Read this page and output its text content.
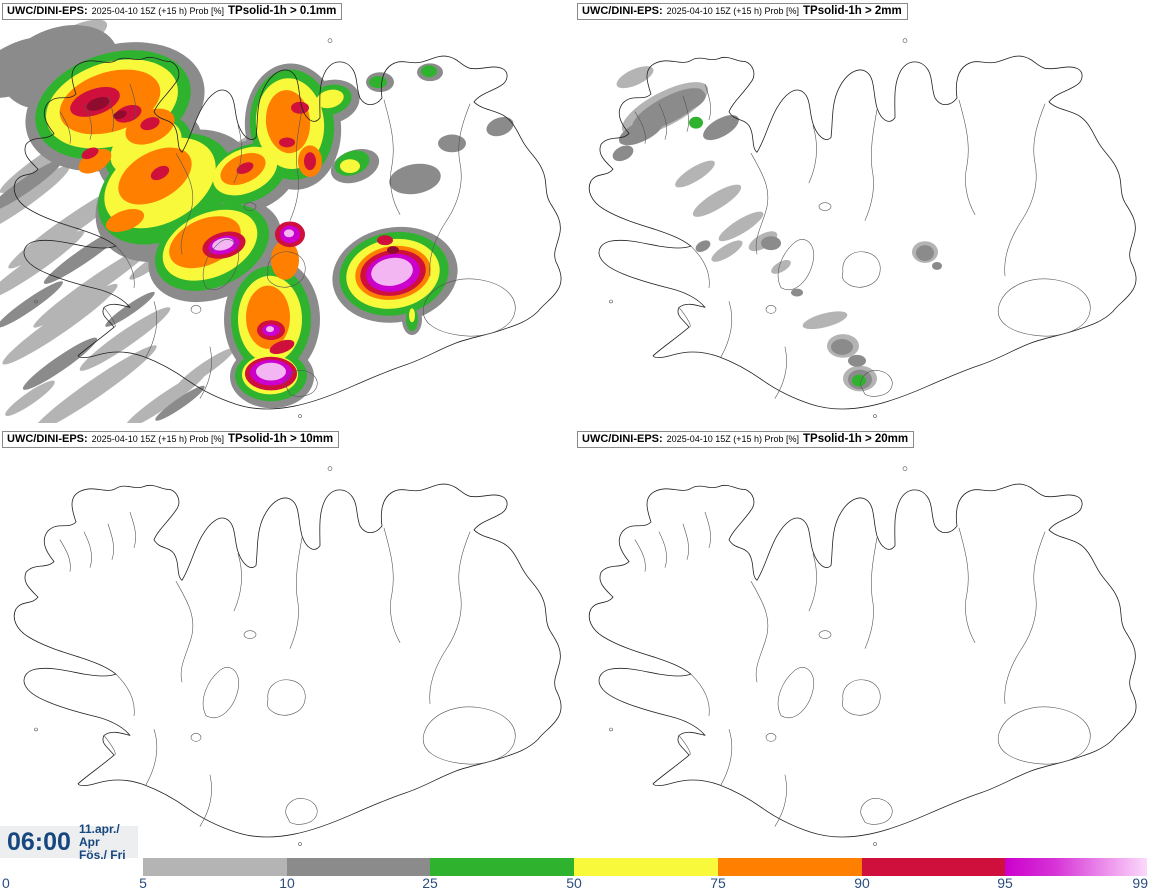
UWC/DINI-EPS: 2025-04-10 15Z (+15 h) Prob [%] TPsolid-1h > 0.1mm	UWC/DINI-EPS: 2025-04-10 15Z (+15 h) Prob [%] TPsolid-1h > 2mm
UWC/DINI-EPS: 2025-04-10 15Z (+15 h) Prob [%] TPsolid-1h > 10mm	UWC/DINI-EPS: 2025-04-10 15Z (+15 h) Prob [%] TPsolid-1h > 20mm
06:00 11.apr./ Apr
Fös./ Fri
0	5	10	25	50	75	90	95	99
